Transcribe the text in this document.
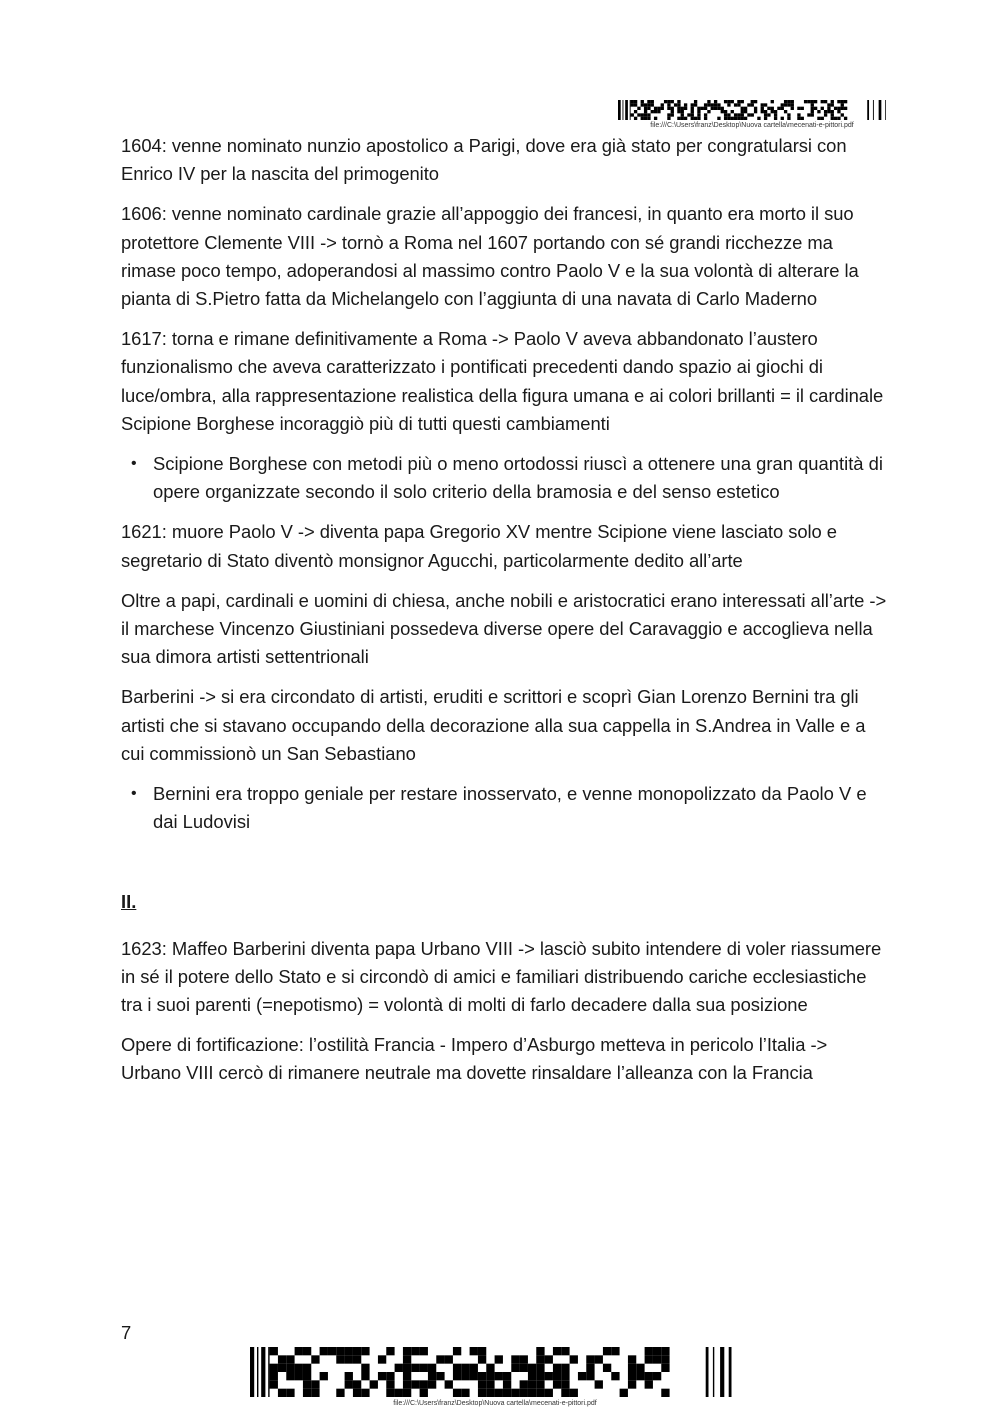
file:///C:\Users\franz\Desktop\Nuova cartella\mecenati-e-pittori.pdf

1604: venne nominato nunzio apostolico a Parigi, dove era già stato per congratularsi con Enrico IV per la nascita del primogenito

1606: venne nominato cardinale grazie all’appoggio dei francesi, in quanto era morto il suo protettore Clemente VIII -> tornò a Roma nel 1607 portando con sé grandi ricchezze ma rimase poco tempo, adoperandosi al massimo contro Paolo V e la sua volontà di alterare la pianta di S.Pietro fatta da Michelangelo con l’aggiunta di una navata di Carlo Maderno

1617: torna e rimane definitivamente a Roma -> Paolo V aveva abbandonato l’austero funzionalismo che aveva caratterizzato i pontificati precedenti dando spazio ai giochi di luce/ombra, alla rappresentazione realistica della figura umana e ai colori brillanti = il cardinale Scipione Borghese incoraggiò più di tutti questi cambiamenti

• Scipione Borghese con metodi più o meno ortodossi riuscì a ottenere una gran quantità di opere organizzate secondo il solo criterio della bramosia e del senso estetico

1621: muore Paolo V -> diventa papa Gregorio XV mentre Scipione viene lasciato solo e segretario di Stato diventò monsignor Agucchi, particolarmente dedito all’arte

Oltre a papi, cardinali e uomini di chiesa, anche nobili e aristocratici erano interessati all’arte -> il marchese Vincenzo Giustiniani possedeva diverse opere del Caravaggio e accoglieva nella sua dimora artisti settentrionali

Barberini -> si era circondato di artisti, eruditi e scrittori e scoprì Gian Lorenzo Bernini tra gli artisti che si stavano occupando della decorazione alla sua cappella in S.Andrea in Valle e a cui commissionò un San Sebastiano

• Bernini era troppo geniale per restare inosservato, e venne monopolizzato da Paolo V e dai Ludovisi
II.

1623: Maffeo Barberini diventa papa Urbano VIII -> lasciò subito intendere di voler riassumere in sé il potere dello Stato e si circondò di amici e familiari distribuendo cariche ecclesiastiche tra i suoi parenti (=nepotismo) = volontà di molti di farlo decadere dalla sua posizione

Opere di fortificazione: l’ostilità Francia - Impero d’Asburgo metteva in pericolo l’Italia -> Urbano VIII cercò di rimanere neutrale ma dovette rinsaldare l’alleanza con la Francia

7
file:///C:\Users\franz\Desktop\Nuova cartella\mecenati-e-pittori.pdf
